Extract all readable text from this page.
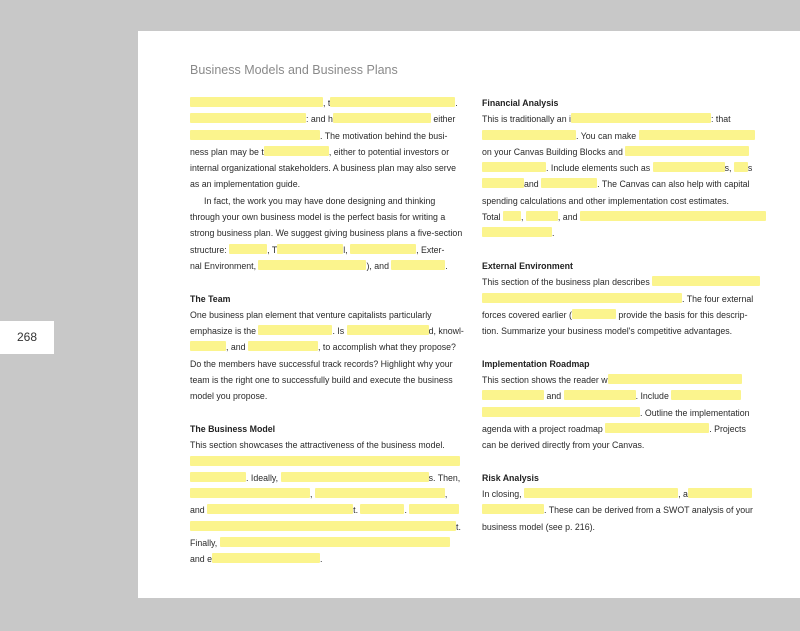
268
Business Models and Business Plans
, t	.
: and h	either
. The motivation behind the busi-
ness plan may be t	, either to potential investors or
internal organizational stakeholders. A business plan may also serve
as an implementation guide.
In fact, the work you may have done designing and thinking
through your own business model is the perfect basis for writing a
strong business plan. We suggest giving business plans a five-section
structure:	, T	l,	, Exter-
nal Environment,	), and	.
The Team
One business plan element that venture capitalists particularly
emphasize is the	. Is	d, knowl-
, and	, to accomplish what they propose?
Do the members have successful track records? Highlight why your
team is the right one to successfully build and execute the business
model you propose.
The Business Model
This section showcases the attractiveness of the business model.
. Ideally,	s. Then,
,	,
and	t.	.
t.
Finally,
and e	.
Financial Analysis
This is traditionally an i	: that
. You can make
on your Canvas Building Blocks and
. Include elements such as	s, s
and	. The Canvas can also help with capital
spending calculations and other implementation cost estimates.
Total ,	, and
.
External Environment
This section of the business plan describes
. The four external
forces covered earlier (	provide the basis for this descrip-
tion. Summarize your business model's competitive advantages.
Implementation Roadmap
This section shows the reader w
and	. Include
. Outline the implementation
agenda with a project roadmap	. Projects
can be derived directly from your Canvas.
Risk Analysis
In closing,	, a
. These can be derived from a SWOT analysis of your
business model (see p. 216).
